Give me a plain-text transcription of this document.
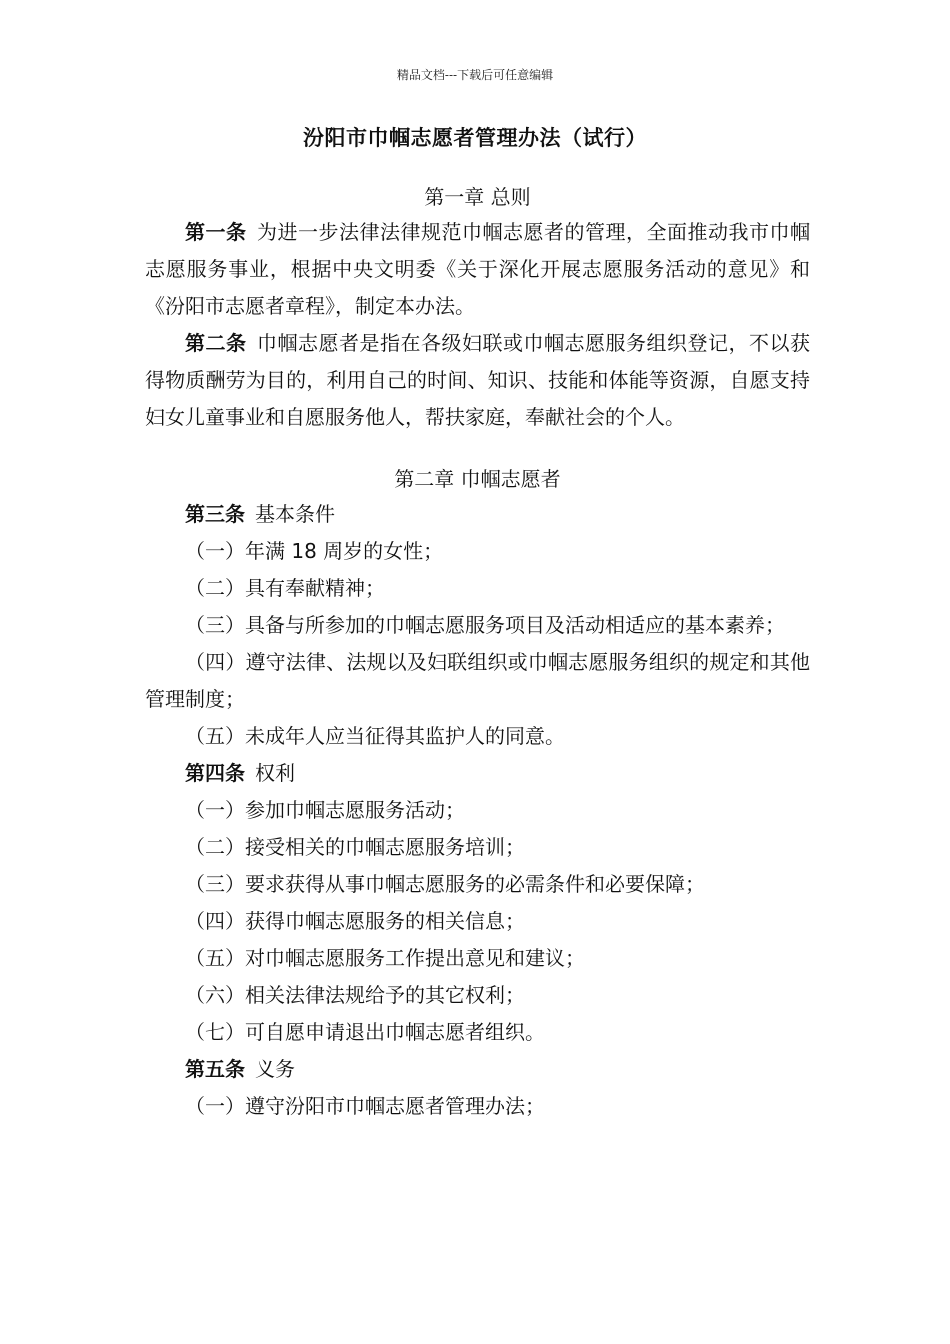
精品文档---下载后可任意编辑
汾阳市巾帼志愿者管理办法（试行）
第一章 总则

第一条 为进一步法律法律规范巾帼志愿者的管理，全面推动我市巾帼志愿服务事业，根据中央文明委《关于深化开展志愿服务活动的意见》和《汾阳市志愿者章程》，制定本办法。

第二条 巾帼志愿者是指在各级妇联或巾帼志愿服务组织登记，不以获得物质酬劳为目的，利用自己的时间、知识、技能和体能等资源，自愿支持妇女儿童事业和自愿服务他人，帮扶家庭，奉献社会的个人。

第二章 巾帼志愿者

第三条 基本条件

（一）年满 18 周岁的女性；

（二）具有奉献精神；

（三）具备与所参加的巾帼志愿服务项目及活动相适应的基本素养；

（四）遵守法律、法规以及妇联组织或巾帼志愿服务组织的规定和其他管理制度；

（五）未成年人应当征得其监护人的同意。

第四条 权利

（一）参加巾帼志愿服务活动；

（二）接受相关的巾帼志愿服务培训；

（三）要求获得从事巾帼志愿服务的必需条件和必要保障；

（四）获得巾帼志愿服务的相关信息；

（五）对巾帼志愿服务工作提出意见和建议；

（六）相关法律法规给予的其它权利；

（七）可自愿申请退出巾帼志愿者组织。

第五条 义务

（一）遵守汾阳市巾帼志愿者管理办法；
